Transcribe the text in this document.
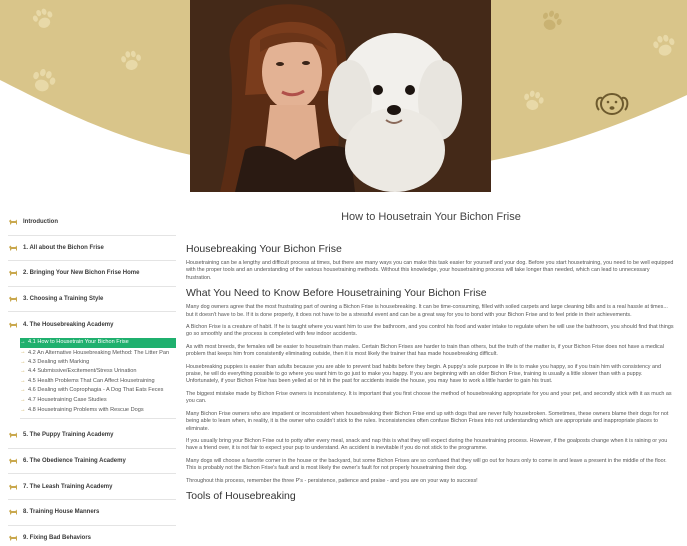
Introduction
1. All about the Bichon Frise
2. Bringing Your New Bichon Frise Home
3. Choosing a Training Style
4. The Housebreaking Academy
→ 4.1 How to Housetrain Your Bichon Frise
→ 4.2 An Alternative Housebreaking Method: The Litter Pan
→ 4.3 Dealing with Marking
→ 4.4 Submissive/Excitement/Stress Urination
→ 4.5 Health Problems That Can Affect Housetraining
→ 4.6 Dealing with Coprophagia - A Dog That Eats Feces
→ 4.7 Housetraining Case Studies
→ 4.8 Housetraining Problems with Rescue Dogs
5. The Puppy Training Academy
6. The Obedience Training Academy
7. The Leash Training Academy
8. Training House Manners
9. Fixing Bad Behaviors
How to Housetrain Your Bichon Frise
Housebreaking Your Bichon Frise

Housetraining can be a lengthy and difficult process at times, but there are many ways you can make this task easier for yourself and your dog. Before you start housetraining, you need to be well equipped with the proper tools and an understanding of the various housetraining methods. Without this knowledge, your housetraining process will take longer than needed, which can lead to unnecessary frustration.

What You Need to Know Before Housetraining Your Bichon Frise

Many dog owners agree that the most frustrating part of owning a Bichon Frise is housebreaking. It can be time-consuming, filled with soiled carpets and large cleaning bills and is a real hassle at times... but it doesn't have to be. If it is done properly, it does not have to be a stressful event and can be a great way for you to bond with your Bichon Frise and to feel pride in their achievements.

A Bichon Frise is a creature of habit. If he is taught where you want him to use the bathroom, and you control his food and water intake to regulate when he will use the bathroom, you should find that things go so smoothly and the process is completed with few indoor accidents.

As with most breeds, the females will be easier to housetrain than males. Certain Bichon Frises are harder to train than others, but the truth of the matter is, if your Bichon Frise does not have a medical problem that keeps him from consistently eliminating outside, then it is most likely the trainer that has made housebreaking difficult.

Housebreaking puppies is easier than adults because you are able to prevent bad habits before they begin. A puppy's sole purpose in life is to make you happy, so if you train him with consistency and praise, he will do everything possible to go where you want him to go just to make you happy. If you are beginning with an older Bichon Frise, training is usually a little slower than with a puppy. Unfortunately, if your Bichon Frise has been yelled at or hit in the past for accidents inside the house, you may have to work a little harder to gain his trust.

The biggest mistake made by Bichon Frise owners is inconsistency. It is important that you first choose the method of housebreaking appropriate for you and your pet, and secondly stick with it as much as you can.

Many Bichon Frise owners who are impatient or inconsistent when housebreaking their Bichon Frise end up with dogs that are never fully housebroken. Sometimes, these owners blame their dogs for not being able to learn when, in reality, it is the owner who couldn't stick to the rules. Inconsistencies often confuse Bichon Frises into not understanding which are appropriate and inappropriate places to eliminate.

If you usually bring your Bichon Frise out to potty after every meal, snack and nap this is what they will expect during the housetraining process. However, if the goalposts change when it is raining or you have a friend over, it is not fair to expect your pup to understand. An accident is inevitable if you do not stick to the programme.

Many dogs will choose a favorite corner in the house or the backyard, but some Bichon Frises are so confused that they will go out for hours only to come in and leave a present in the middle of the floor. This is probably not the Bichon Frise's fault and is most likely the owner's fault for not properly housetraining their dog.

Throughout this process, remember the three P's - persistence, patience and praise - and you are on your way to success!

Tools of Housebreaking
